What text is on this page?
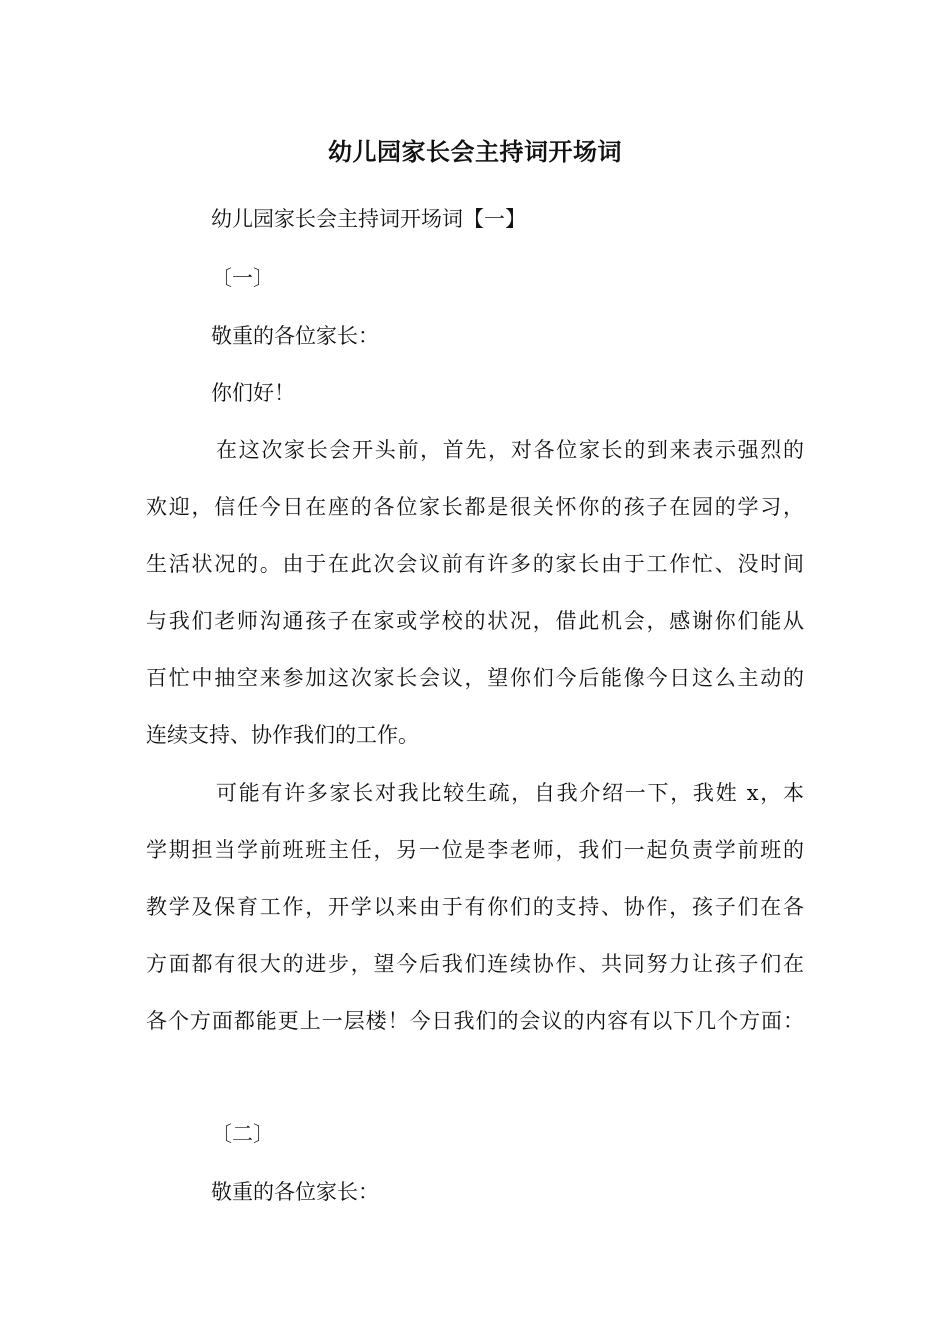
幼儿园家长会主持词开场词
幼儿园家长会主持词开场词【一】
〔一〕
敬重的各位家长：
你们好！
在这次家长会开头前，首先，对各位家长的到来表示强烈的
欢迎，信任今日在座的各位家长都是很关怀你的孩子在园的学习，
生活状况的。由于在此次会议前有许多的家长由于工作忙、没时间
与我们老师沟通孩子在家或学校的状况，借此机会，感谢你们能从
百忙中抽空来参加这次家长会议，望你们今后能像今日这么主动的
连续支持、协作我们的工作。
可能有许多家长对我比较生疏，自我介绍一下，我姓 x，本
学期担当学前班班主任，另一位是李老师，我们一起负责学前班的
教学及保育工作，开学以来由于有你们的支持、协作，孩子们在各
方面都有很大的进步，望今后我们连续协作、共同努力让孩子们在
各个方面都能更上一层楼！今日我们的会议的内容有以下几个方面：
〔二〕
敬重的各位家长：
